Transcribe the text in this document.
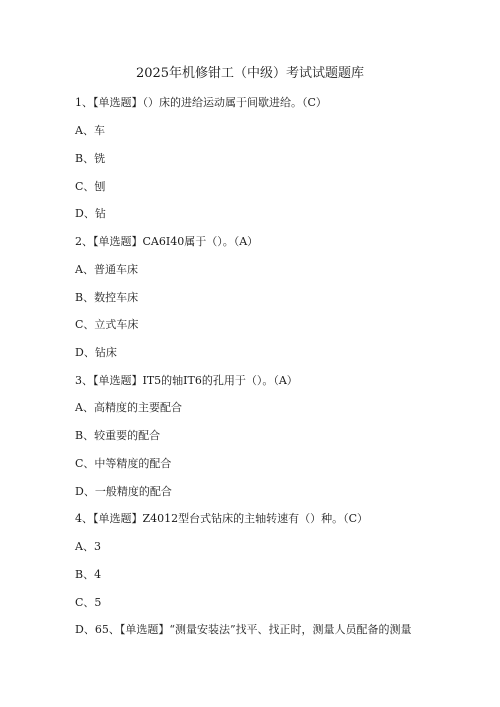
2025年机修钳工（中级）考试试题题库
1、【单选题】（）床的进给运动属于间歇进给。（C）
A、车
B、铣
C、刨
D、钻
2、【单选题】CA6I40属于（）。（A）
A、普通车床
B、数控车床
C、立式车床
D、钻床
3、【单选题】IT5的轴IT6的孔用于（）。（A）
A、高精度的主要配合
B、较重要的配合
C、中等精度的配合
D、一般精度的配合
4、【单选题】Z4012型台式钻床的主轴转速有（）种。（C）
A、3
B、4
C、5
D、65、【单选题】“测量安装法”找平、找正时，测量人员配备的测量
